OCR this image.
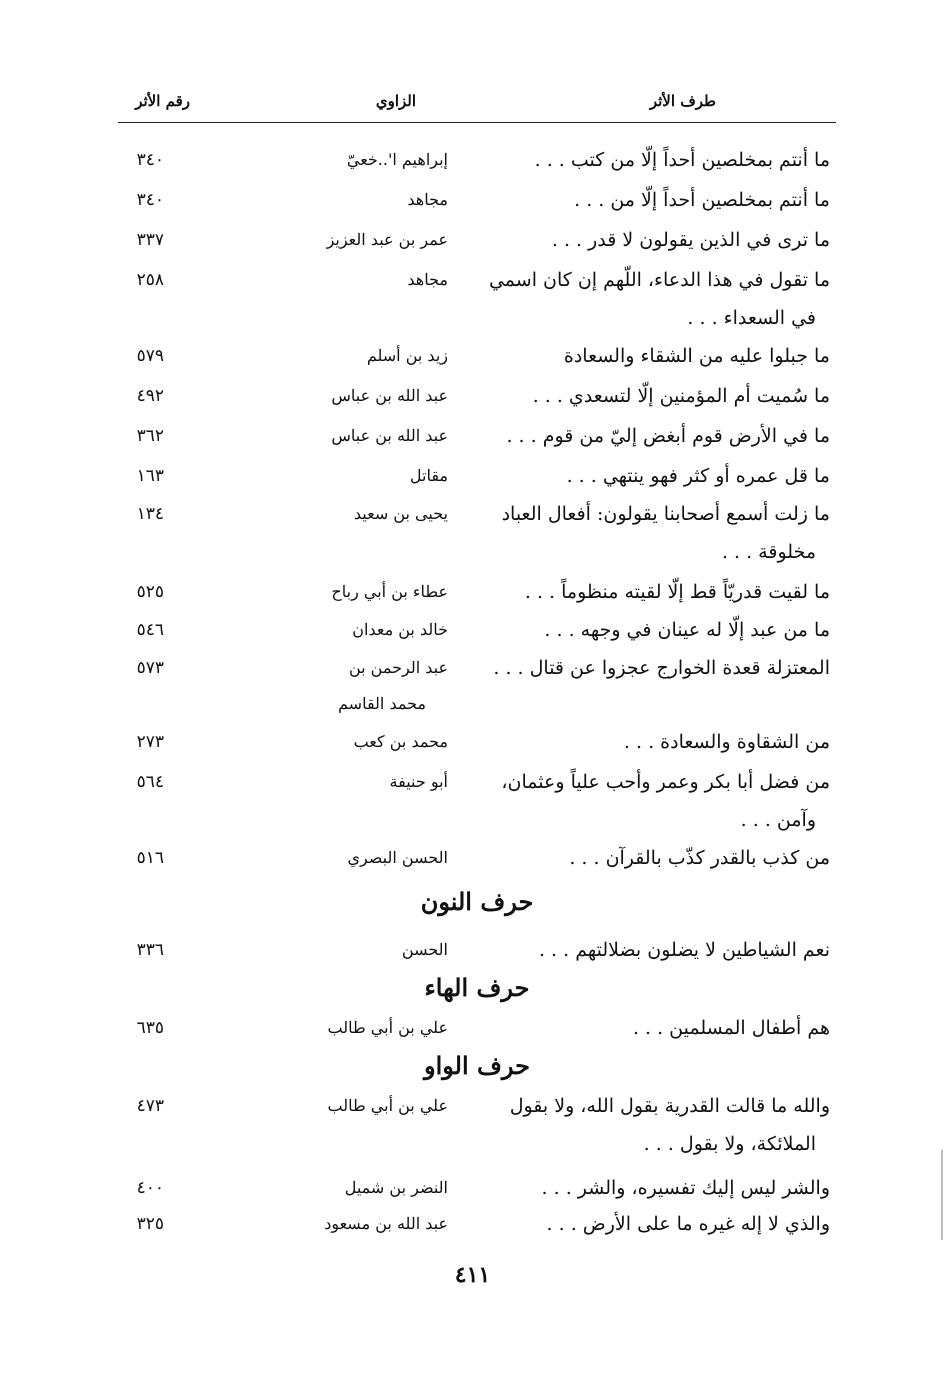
طرف الأثر
الزاوي
رقم الأثر
ما أنتم بمخلصين أحداً إلّا من كتب . . .
إبراهيم ا'..خعيّ
٣٤٠
ما أنتم بمخلصين أحداً إلّا من . . .
مجاهد
٣٤٠
ما ترى في الذين يقولون لا قدر . . .
عمر بن عبد العزيز
٣٣٧
ما تقول في هذا الدعاء، اللّهم إن كان اسمي
مجاهد
٢٥٨
في السعداء . . .
ما جبلوا عليه من الشقاء والسعادة
زيد بن أسلم
٥٧٩
ما سُميت أم المؤمنين إلّا لتسعدي . . .
عبد الله بن عباس
٤٩٢
ما في الأرض قوم أبغض إليّ من قوم . . .
عبد الله بن عباس
٣٦٢
ما قل عمره أو كثر فهو ينتهي . . .
مقاتل
١٦٣
ما زلت أسمع أصحابنا يقولون: أفعال العباد
يحيى بن سعيد
١٣٤
مخلوقة . . .
ما لقيت قدريّاً قط إلّا لقيته منظوماً . . .
عطاء بن أبي رباح
٥٢٥
ما من عبد إلّا له عينان في وجهه . . .
خالد بن معدان
٥٤٦
المعتزلة قعدة الخوارج عجزوا عن قتال . . .
عبد الرحمن بن
٥٧٣
محمد القاسم
من الشقاوة والسعادة . . .
محمد بن كعب
٢٧٣
من فضل أبا بكر وعمر وأحب علياً وعثمان،
أبو حنيفة
٥٦٤
وآمن . . .
من كذب بالقدر كذّب بالقرآن . . .
الحسن البصري
٥١٦
حرف النون
نعم الشياطين لا يضلون بضلالتهم . . .
الحسن
٣٣٦
حرف الهاء
هم أطفال المسلمين . . .
علي بن أبي طالب
٦٣٥
حرف الواو
والله ما قالت القدرية بقول الله، ولا بقول
علي بن أبي طالب
٤٧٣
الملائكة، ولا بقول . . .
والشر ليس إليك تفسيره، والشر . . .
النضر بن شميل
٤٠٠
والذي لا إله غيره ما على الأرض . . .
عبد الله بن مسعود
٣٢٥
٤١١
